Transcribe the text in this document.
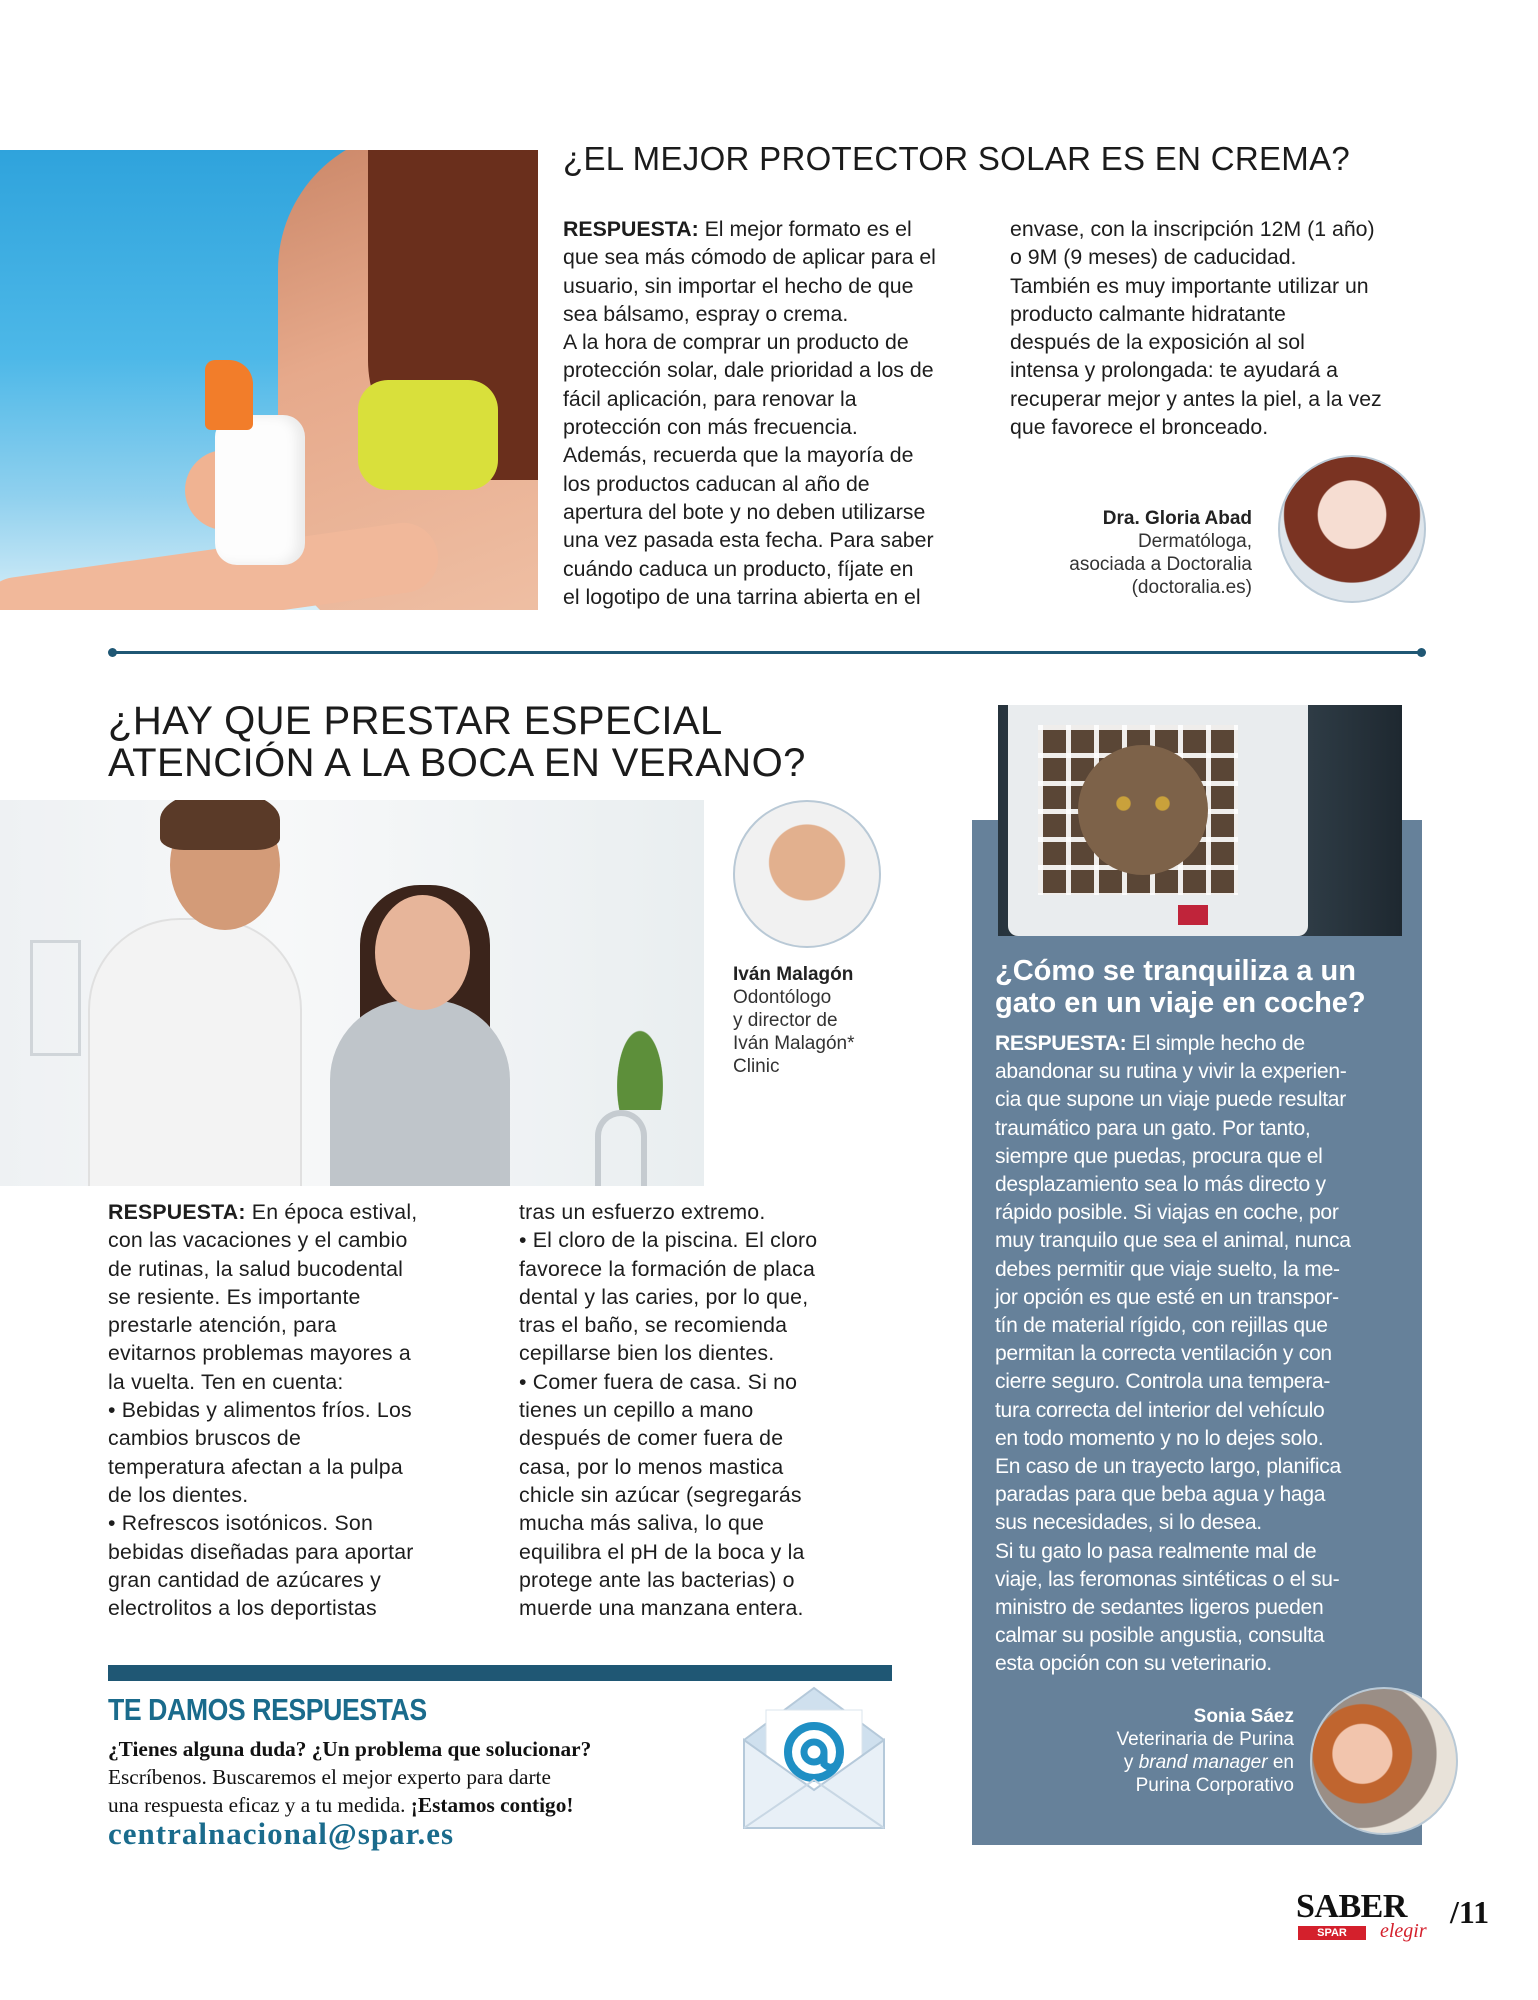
¿EL MEJOR PROTECTOR SOLAR ES EN CREMA?

RESPUESTA: El mejor formato es el

que sea más cómodo de aplicar para el

usuario, sin importar el hecho de que

sea bálsamo, espray o crema.

A la hora de comprar un producto de

protección solar, dale prioridad a los de

fácil aplicación, para renovar la

protección con más frecuencia.

Además, recuerda que la mayoría de

los productos caducan al año de

apertura del bote y no deben utilizarse

una vez pasada esta fecha. Para saber

cuándo caduca un producto, fíjate en

el logotipo de una tarrina abierta en el

envase, con la inscripción 12M (1 año)

o 9M (9 meses) de caducidad.

También es muy importante utilizar un

producto calmante hidratante

después de la exposición al sol

intensa y prolongada: te ayudará a

recuperar mejor y antes la piel, a la vez

que favorece el bronceado.

Dra. Gloria Abad
Dermatóloga,
asociada a Doctoralia
(doctoralia.es)
¿HAY QUE PRESTAR ESPECIAL
ATENCIÓN A LA BOCA EN VERANO?
Iván Malagón
Odontólogo
y director de
Iván Malagón*
Clinic
RESPUESTA: En época estival,
con las vacaciones y el cambio
de rutinas, la salud bucodental
se resiente. Es importante
prestarle atención, para
evitarnos problemas mayores a
la vuelta. Ten en cuenta:
• Bebidas y alimentos fríos. Los
cambios bruscos de
temperatura afectan a la pulpa
de los dientes.
• Refrescos isotónicos. Son
bebidas diseñadas para aportar
gran cantidad de azúcares y
electrolitos a los deportistas
tras un esfuerzo extremo.
• El cloro de la piscina. El cloro
favorece la formación de placa
dental y las caries, por lo que,
tras el baño, se recomienda
cepillarse bien los dientes.
• Comer fuera de casa. Si no
tienes un cepillo a mano
después de comer fuera de
casa, por lo menos mastica
chicle sin azúcar (segregarás
mucha más saliva, lo que
equilibra el pH de la boca y la
protege ante las bacterias) o
muerde una manzana entera.
TE DAMOS RESPUESTAS
¿Tienes alguna duda? ¿Un problema que solucionar?
Escríbenos. Buscaremos el mejor experto para darte
una respuesta eficaz y a tu medida. ¡Estamos contigo!
centralnacional@spar.es
¿Cómo se tranquiliza a un
gato en un viaje en coche?
RESPUESTA: El simple hecho de
abandonar su rutina y vivir la experien-
cia que supone un viaje puede resultar
traumático para un gato. Por tanto,
siempre que puedas, procura que el
desplazamiento sea lo más directo y
rápido posible. Si viajas en coche, por
muy tranquilo que sea el animal, nunca
debes permitir que viaje suelto, la me-
jor opción es que esté en un transpor-
tín de material rígido, con rejillas que
permitan la correcta ventilación y con
cierre seguro. Controla una tempera-
tura correcta del interior del vehículo
en todo momento y no lo dejes solo.
En caso de un trayecto largo, planifica
paradas para que beba agua y haga
sus necesidades, si lo desea.
Si tu gato lo pasa realmente mal de
viaje, las feromonas sintéticas o el su-
ministro de sedantes ligeros pueden
calmar su posible angustia, consulta
esta opción con su veterinario.
Sonia Sáez
Veterinaria de Purina
y brand manager en
Purina Corporativo
SABER
SPAR	elegir
/11
